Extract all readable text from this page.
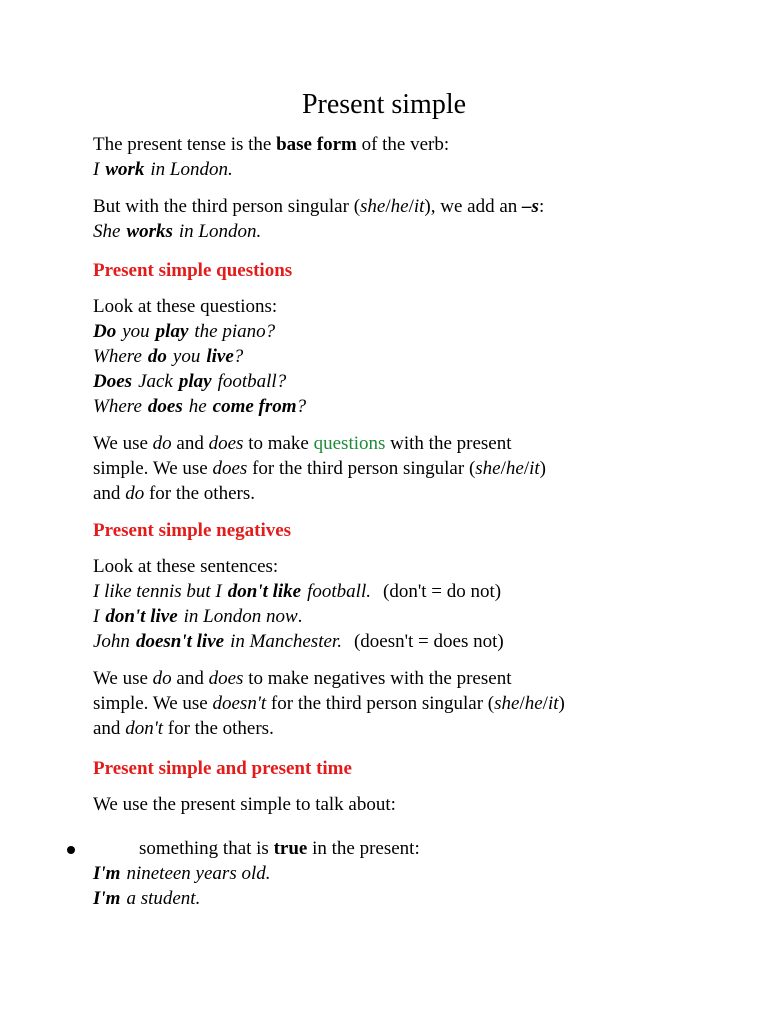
Present simple
The present tense is the base form of the verb:
I work in London.
But with the third person singular (she/he/it), we add an –s:
She works in London.
Present simple questions
Look at these questions:
Do you play the piano?
Where do you live?
Does Jack play football?
Where does he come from?
We use do and does to make questions with the present
simple. We use does for the third person singular (she/he/it)
and do for the others.
Present simple negatives
Look at these sentences:
I like tennis but I don't like football. (don't = do not)
I don't live in London now.
John doesn't live in Manchester. (doesn't = does not)
We use do and does to make negatives with the present
simple. We use doesn't for the third person singular (she/he/it)
and don't for the others.
Present simple and present time
We use the present simple to talk about:
something that is true in the present:
I'm nineteen years old.
I'm a student.
